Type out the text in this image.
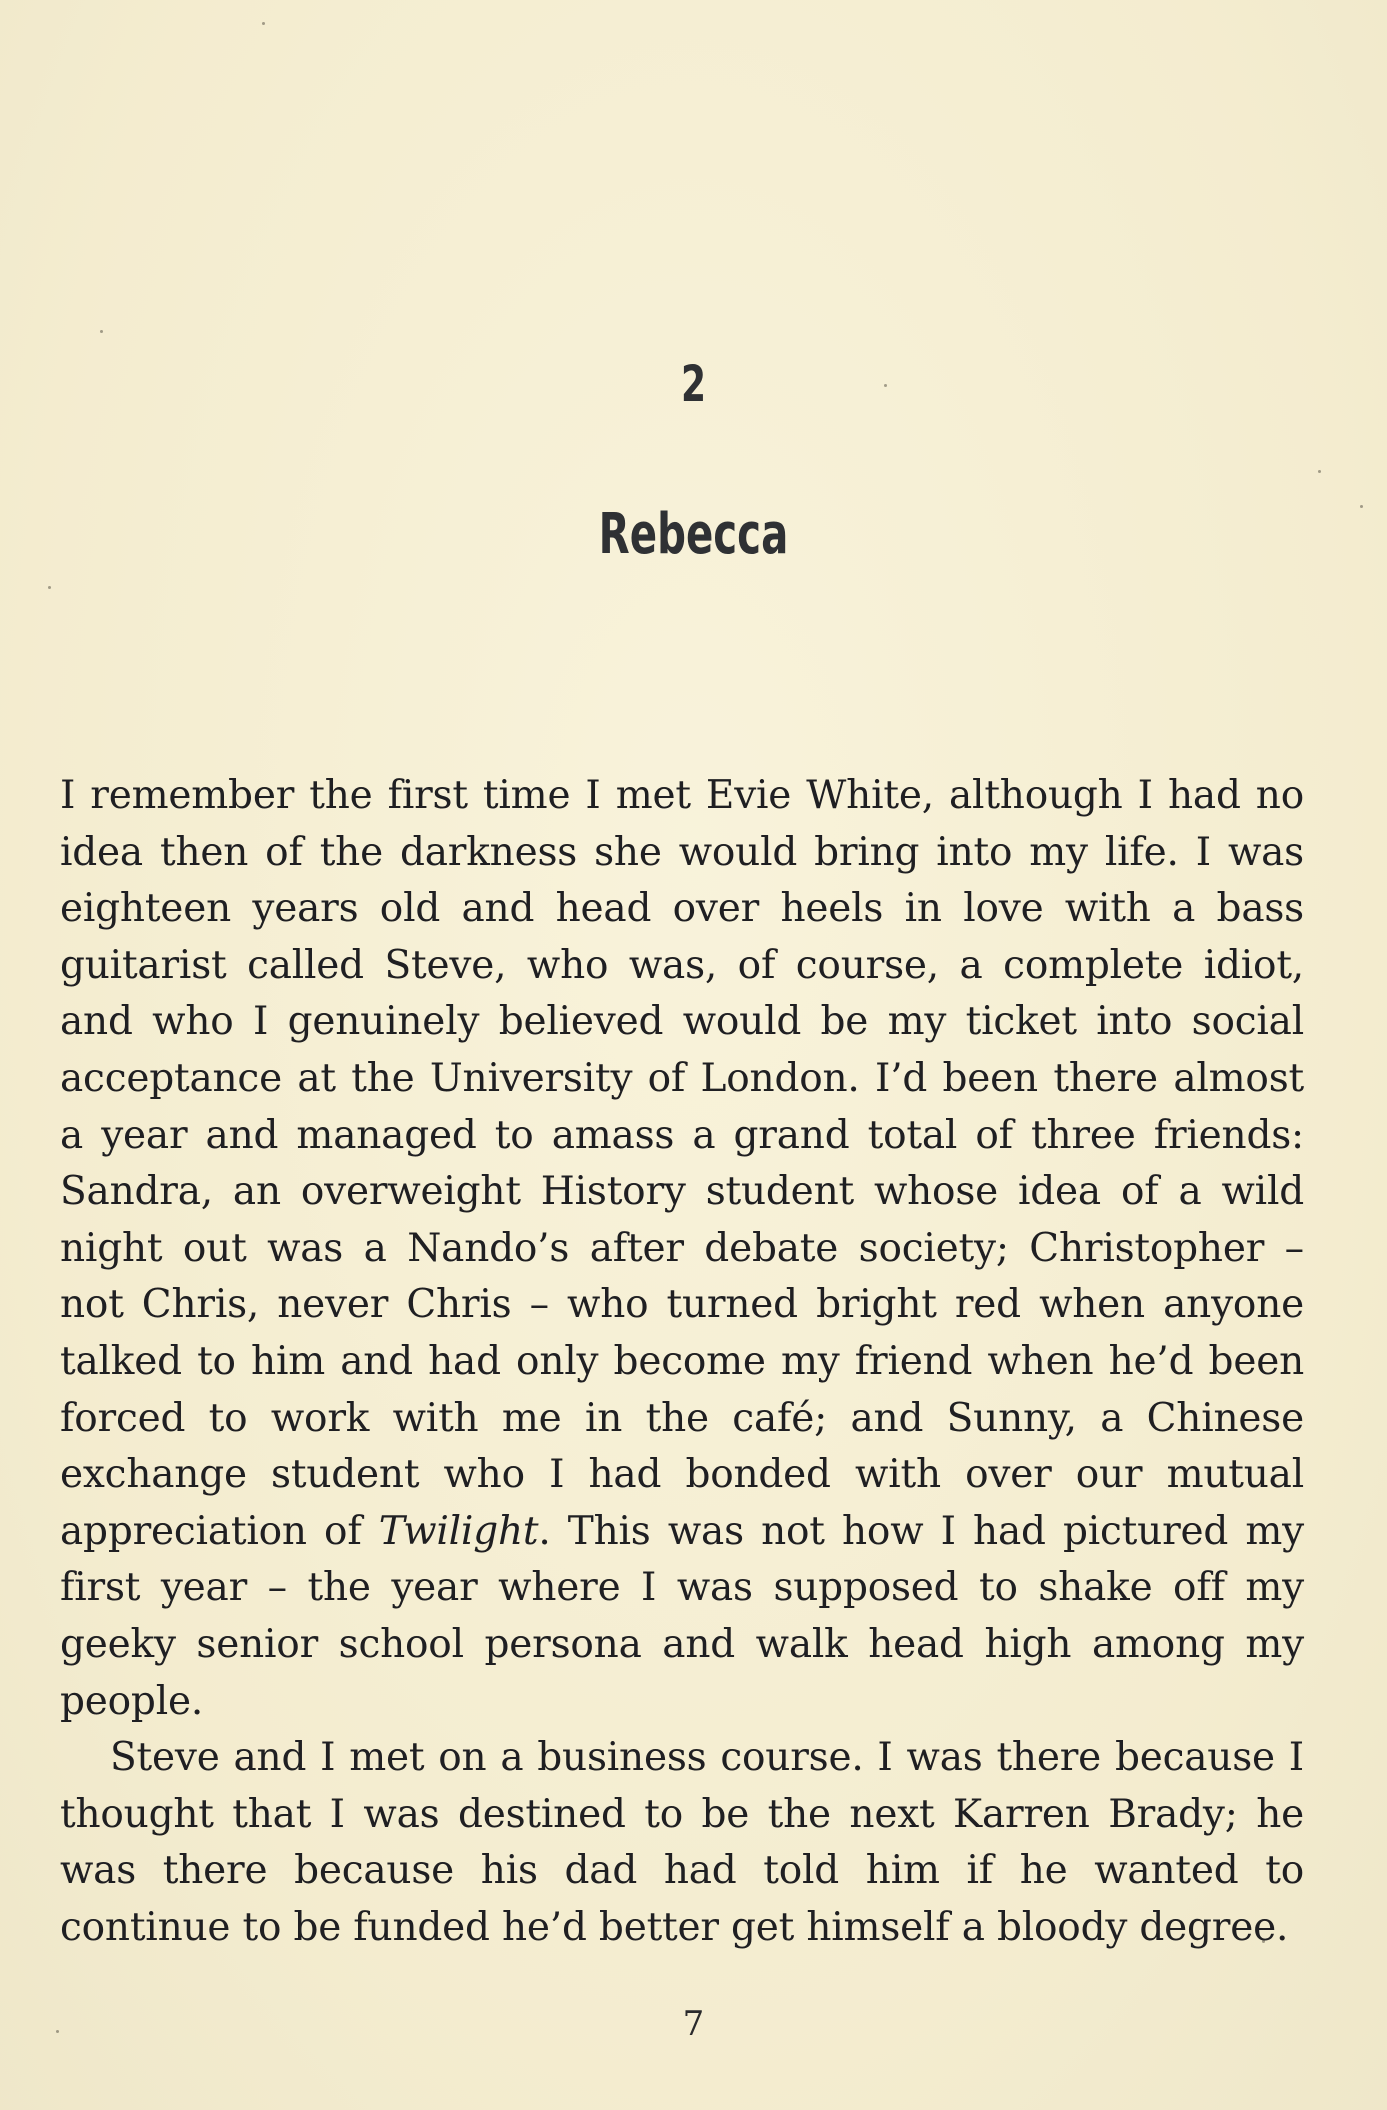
2
Rebecca

I remember the first time I met Evie White, although I had no idea then of the darkness she would bring into my life. I was eighteen years old and head over heels in love with a bass guitarist called Steve, who was, of course, a complete idiot, and who I genuinely believed would be my ticket into social acceptance at the University of London. I’d been there almost a year and managed to amass a grand total of three friends: Sandra, an overweight History student whose idea of a wild night out was a Nando’s after debate society; Christopher – not Chris, never Chris – who turned bright red when anyone talked to him and had only become my friend when he’d been forced to work with me in the café; and Sunny, a Chinese exchange student who I had bonded with over our mutual appreciation of Twilight. This was not how I had pictured my first year – the year where I was supposed to shake off my geeky senior school persona and walk head high among my people.

Steve and I met on a business course. I was there because I thought that I was destined to be the next Karren Brady; he was there because his dad had told him if he wanted to continue to be funded he’d better get himself a bloody degree.

7
